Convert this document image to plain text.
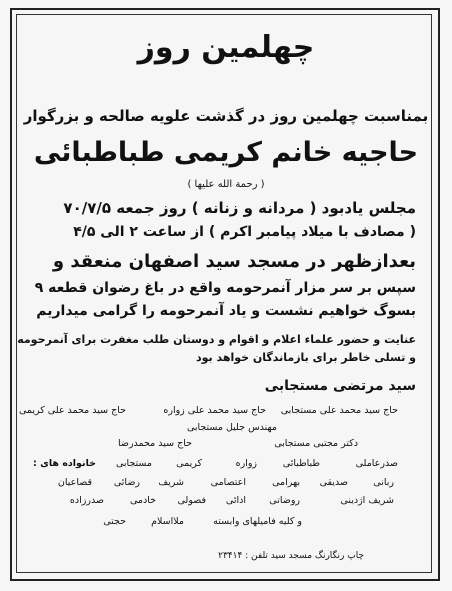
چهلمین روز
بمناسبت چهلمین روز در گذشت علویه صالحه و بزرگوار
حاجیه خانم کریمی طباطبائی
( رحمة الله علیها )
مجلس یادبود ( مردانه و زنانه ) روز جمعه ۷۰/۷/۵
( مصادف با میلاد پیامبر اکرم ) از ساعت ۲ الی ۴/۵
بعدازظهر در مسجد سید اصفهان منعقد و
سپس بر سر مزار آنمرحومه واقع در باغ رضوان قطعه ۹
بسوگ خواهیم نشست و یاد آنمرحومه را گرامی میداریم
عنایت و حضور علماء اعلام و اقوام و دوستان طلب مغفرت برای آنمرحومه
و تسلی خاطر برای بازماندگان خواهد بود
سید مرتضی مستجابی
حاج سید محمد علی کریمی	حاج سید محمد علی زواره حاج سید محمد علی مستجابی
مهندس جلیل مستجابی
حاج سید محمدرضا	دکتر مجتبی مستجابی
خانواده های : مستجابی	کریمی	زواره	طباطبائی	صدرعاملی
قصاعیان رضائی شریف	اعتصامی	بهرامی صدیقی	ربانی
صدرزاده	خادمی فصولی ادائی روضاتی	شریف اژدینی
حجتی	ملااسلام	و کلیه فامیلهای وابسته
چاپ رنگارنگ مسجد سید تلفن : ۲۳۴۱۴
